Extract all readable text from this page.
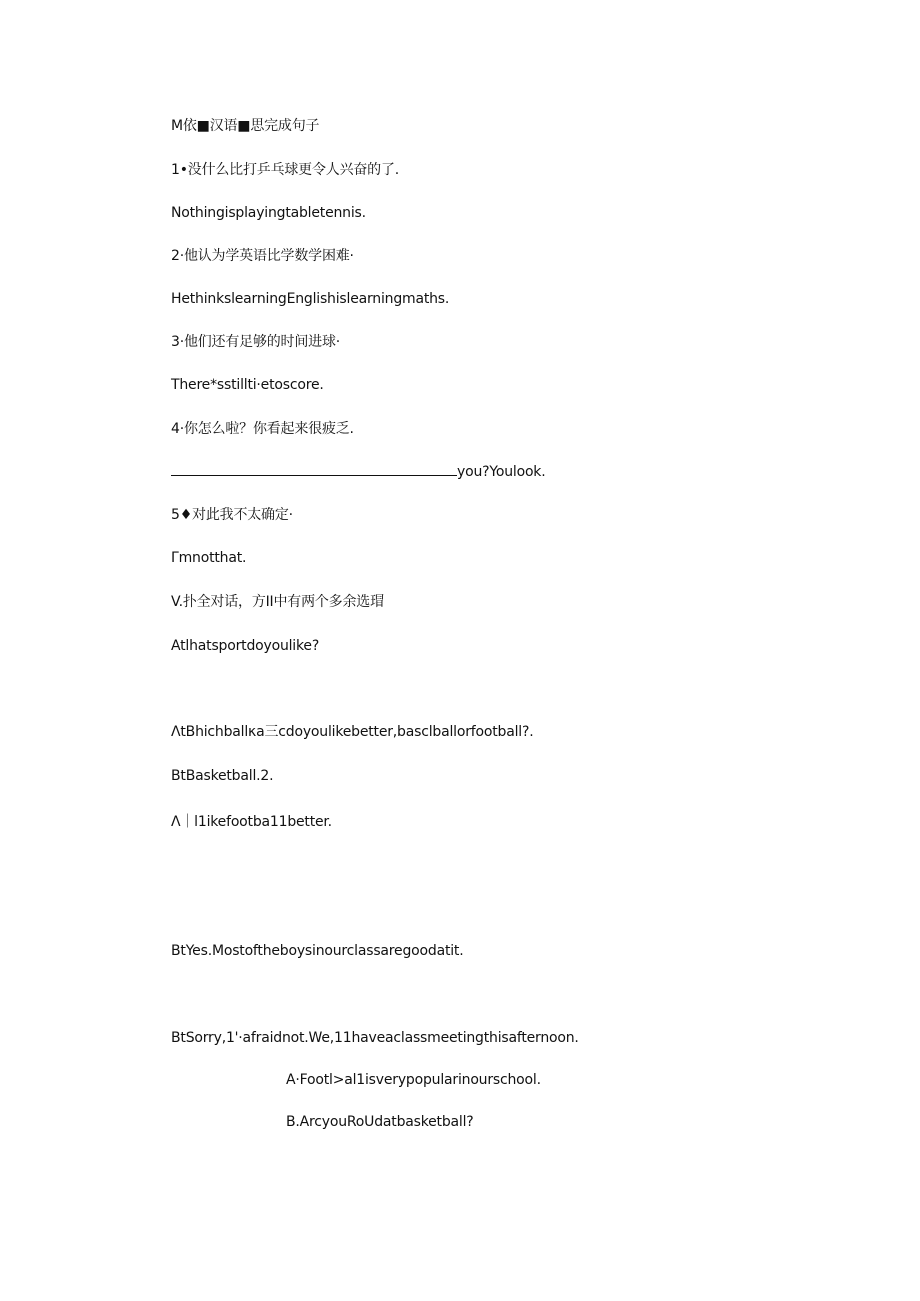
M依■汉语■思完成句子
1•没什么比打乒乓球更令人兴奋的了.
Nothingisplayingtabletennis.
2·他认为学英语比学数学困难·
HethinkslearningEnglishislearningmaths.
3·他们还有足够的时间进球·
There*sstillti·etoscore.
4·你怎么啦？你看起来很疲乏.
you?Youlook.
5♦对此我不太确定·
Γmnotthat.
V.扑全对话，方II中有两个多余选瑁
Atlhatsportdoyoulike?
ΛtBhichballκa三cdoyoulikebetter,basclballorfootball?.
BtBasketball.2.
Λ｜l1ikefootba11better.
BtYes.Mostoftheboysinourclassaregoodatit.
BtSorry,1'·afraidnot.We,11haveaclassmeetingthisafternoon.
A·Footl>al1isverypopularinourschool.
B.ArcyouRoUdatbasketball?
